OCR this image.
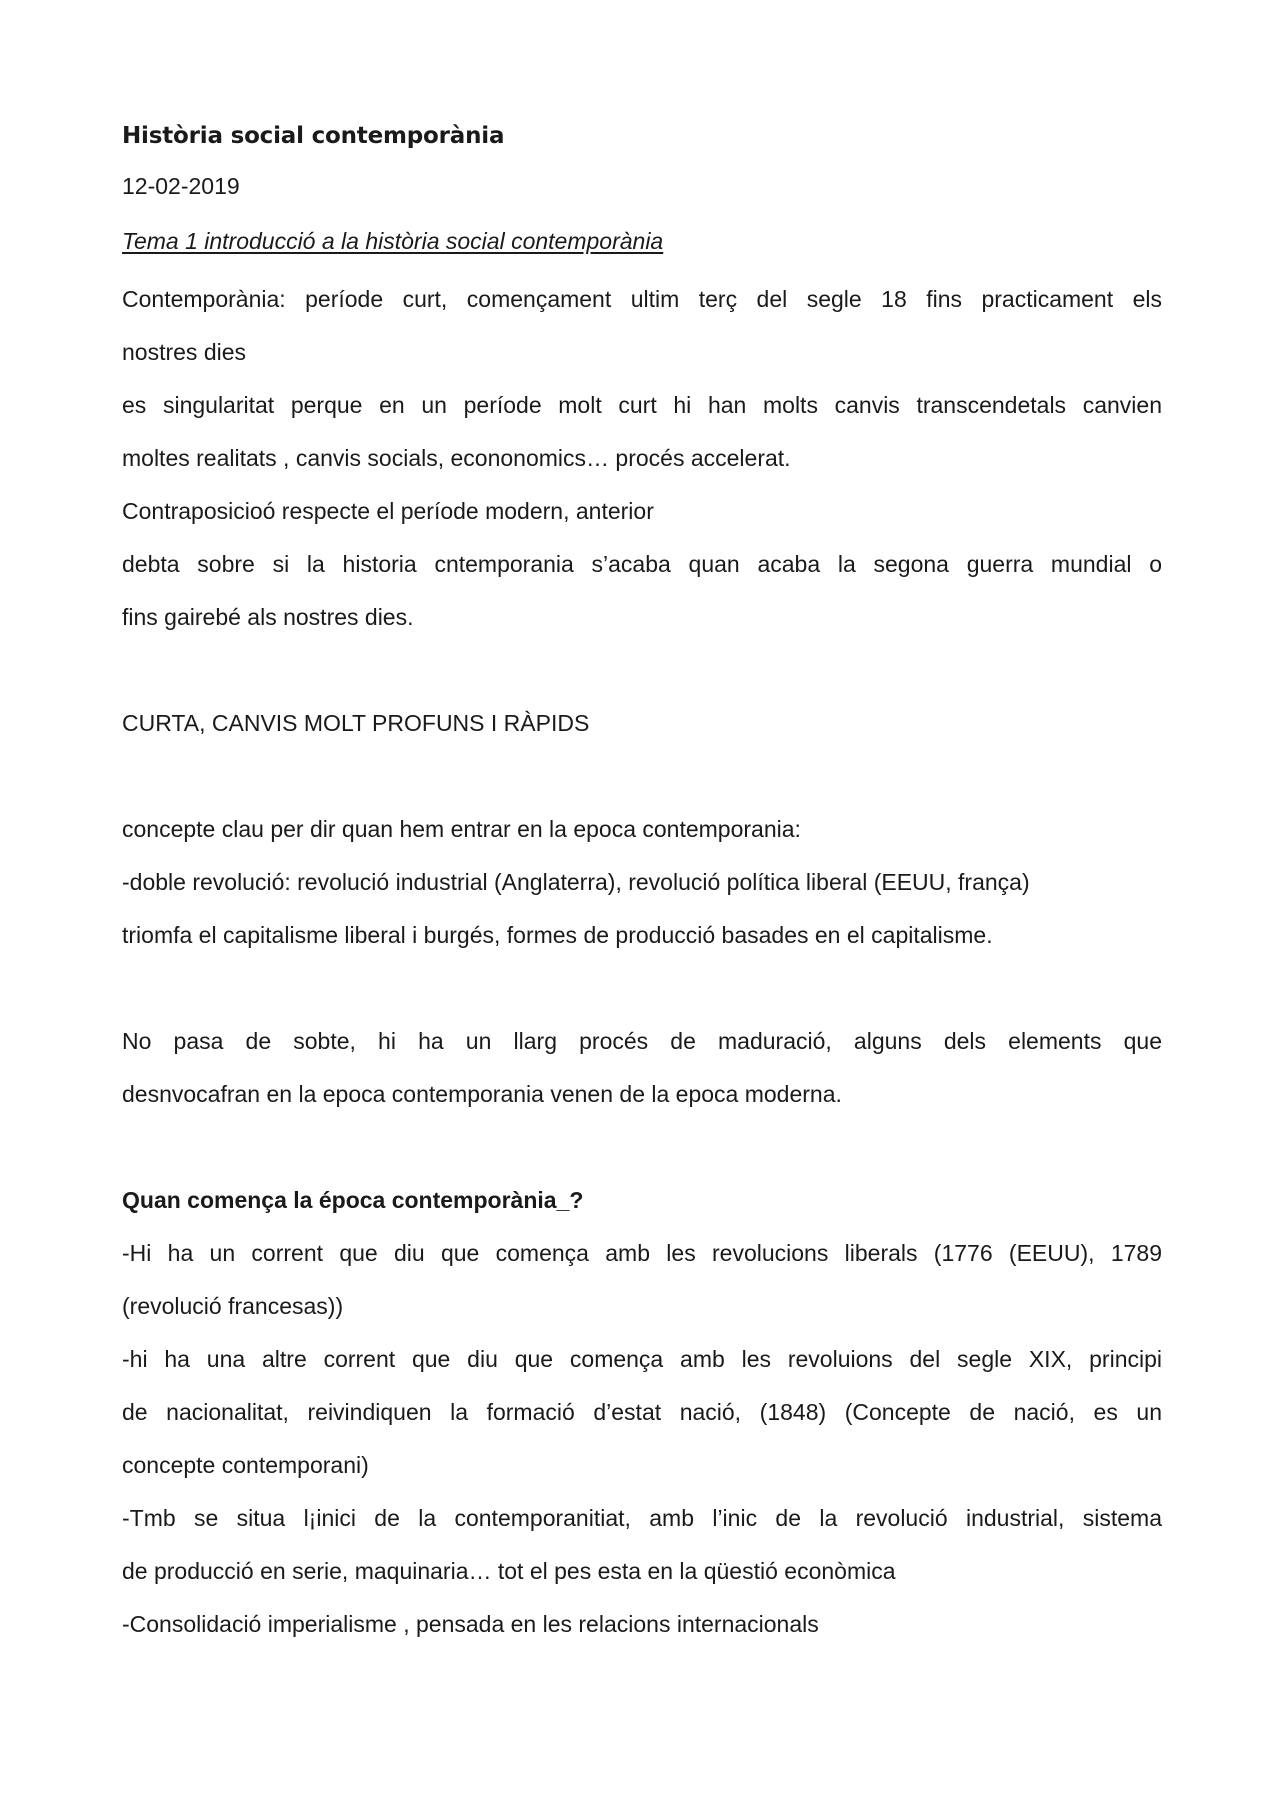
Història social contemporània
12-02-2019
Tema 1 introducció a la història social contemporània
Contemporània: període curt, començament ultim terç del segle 18 fins practicament els
nostres dies
es singularitat perque en un període molt curt hi han molts canvis transcendetals canvien
moltes realitats , canvis socials, econonomics… procés accelerat.
Contraposicioó respecte el període modern, anterior
debta sobre si la historia cntemporania s’acaba quan acaba la segona guerra mundial o
fins gairebé als nostres dies.
CURTA, CANVIS MOLT PROFUNS I RÀPIDS
concepte clau per dir quan hem entrar en la epoca contemporania:
-doble revolució: revolució industrial (Anglaterra), revolució política liberal (EEUU, frança)
triomfa el capitalisme liberal i burgés, formes de producció basades en el capitalisme.
No pasa de sobte, hi ha un llarg procés de maduració, alguns dels elements que
desnvocafran en la epoca contemporania venen de la epoca moderna.
Quan comença la época contemporània_?
-Hi ha un corrent que diu que comença amb les revolucions liberals (1776 (EEUU), 1789
(revolució francesas))
-hi ha una altre corrent que diu que comença amb les revoluions del segle XIX, principi
de nacionalitat, reivindiquen la formació d’estat nació, (1848) (Concepte de nació, es un
concepte contemporani)
-Tmb se situa l¡inici de la contemporanitiat, amb l’inic de la revolució industrial, sistema
de producció en serie, maquinaria… tot el pes esta en la qüestió econòmica
-Consolidació imperialisme , pensada en les relacions internacionals
